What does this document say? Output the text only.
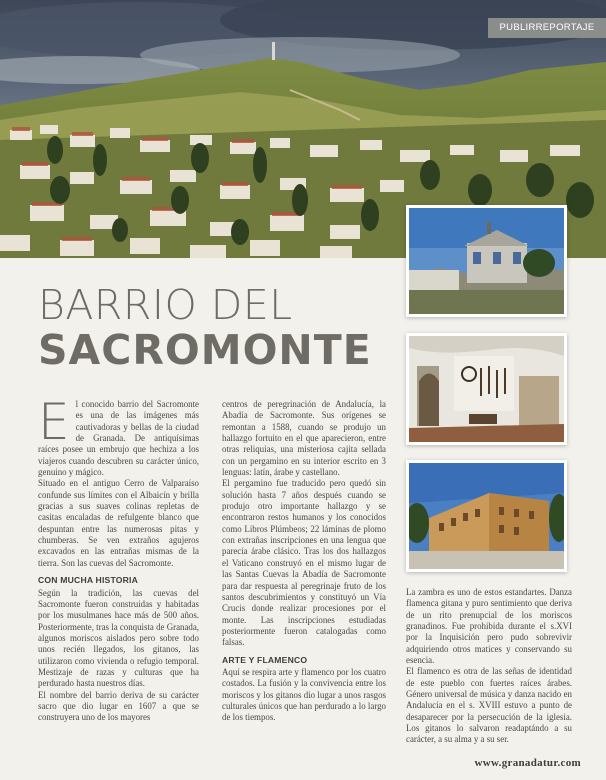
PUBLIRREPORTAJE
BARRIO DEL
SACROMONTE

El conocido barrio del Sacromonte es una de las imágenes más cautivadoras y bellas de la ciudad de Granada. De antiquísimas raíces posee un embrujo que hechiza a los viajeros cuando descubren su carácter único, genuino y mágico.

Situado en el antiguo Cerro de Valparaíso confunde sus límites con el Albaicín y brilla gracias a sus suaves colinas repletas de casitas encaladas de refulgente blanco que despuntan entre las numerosas pitas y chumberas. Se ven extraños agujeros excavados en las entrañas mismas de la tierra. Son las cuevas del Sacromonte.

CON MUCHA HISTORIA

Según la tradición, las cuevas del Sacromonte fueron construidas y habitadas por los musulmanes hace más de 500 años. Posteriormente, tras la conquista de Granada, algunos moriscos aislados pero sobre todo unos recién llegados, los gitanos, las utilizaron como vivienda o refugio temporal. Mestizaje de razas y culturas que ha perdurado hasta nuestros días.

El nombre del barrio deriva de su carácter sacro que dio lugar en 1607 a que se construyera uno de los mayores

centros de peregrinación de Andalucía, la Abadía de Sacromonte. Sus orígenes se remontan a 1588, cuando se produjo un hallazgo fortuito en el que aparecieron, entre otras reliquias, una misteriosa cajita sellada con un pergamino en su interior escrito en 3 lenguas: latín, árabe y castellano.

El pergamino fue traducido pero quedó sin solución hasta 7 años después cuando se produjo otro importante hallazgo y se encontraron restos humanos y los conocidos como Libros Plúmbeos; 22 láminas de plomo con extrañas inscripciones en una lengua que parecía árabe clásico. Tras los dos hallazgos el Vaticano construyó en el mismo lugar de las Santas Cuevas la Abadía de Sacromonte para dar respuesta al peregrinaje fruto de los santos descubrimientos y constituyó un Vía Crucis donde realizar procesiones por el monte. Las inscripciones estudiadas posteriormente fueron catalogadas como falsas.

ARTE Y FLAMENCO

Aquí se respira arte y flamenco por los cuatro costados. La fusión y la convivencia entre los moriscos y los gitanos dio lugar a unos rasgos culturales únicos que han perdurado a lo largo de los tiempos.

La zambra es uno de estos estandartes. Danza flamenca gitana y puro sentimiento que deriva de un rito prenupcial de los moriscos granadinos. Fue prohibida durante el s.XVI por la Inquisición pero pudo sobrevivir adquiriendo otros matices y conservando su esencia.

El flamenco es otra de las señas de identidad de este pueblo con fuertes raíces árabes. Género universal de música y danza nacido en Andalucía en el s. XVIII estuvo a punto de desaparecer por la persecución de la iglesia. Los gitanos lo salvaron readaptándo a su carácter, a su alma y a su ser.

www.granadatur.com
